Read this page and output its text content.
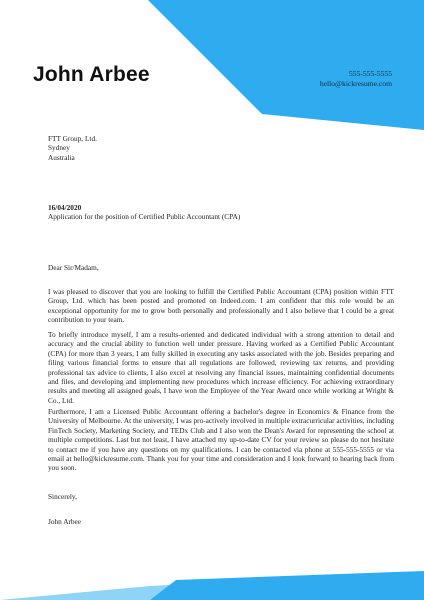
John Arbee	555-555-5555
hello@kickresume.com
FTT Group, Ltd.
Sydney
Australia
16/04/2020
Application for the position of Certified Public Accountant (CPA)
Dear Sir/Madam,
I was pleased to discover that you are looking to fulfill the Certified Public Accountant (CPA) position within FTT Group, Ltd. which has been posted and promoted on Indeed.com. I am confident that this role would be an exceptional opportunity for me to grow both personally and professionally and I also believe that I could be a great contribution to your team.
To briefly introduce myself, I am a results-oriented and dedicated individual with a strong attention to detail and accuracy and the crucial ability to function well under pressure. Having worked as a Certified Public Accountant (CPA) for more than 3 years, I am fully skilled in executing any tasks associated with the job. Besides preparing and filing various financial forms to ensure that all regulations are followed, reviewing tax returns, and providing professional tax advice to clients, I also excel at resolving any financial issues, maintaining confidential documents and files, and developing and implementing new procedures which increase efficiency. For achieving extraordinary results and meeting all assigned goals, I have won the Employee of the Year Award once while working at Wright & Co., Ltd.
Furthermore, I am a Licensed Public Accountant offering a bachelor's degree in Economics & Finance from the University of Melbourne. At the university, I was pro-actively involved in multiple extracurricular activities, including FinTech Society, Marketing Society, and TEDx Club and I also won the Dean's Award for representing the school at multiple competitions. Last but not least, I have attached my up-to-date CV for your review so please do not hesitate to contact me if you have any questions on my qualifications. I can be contacted via phone at 555-555-5555 or via email at hello@kickresume.com. Thank you for your time and consideration and I look forward to hearing back from you soon.
Sincerely,
John Arbee
